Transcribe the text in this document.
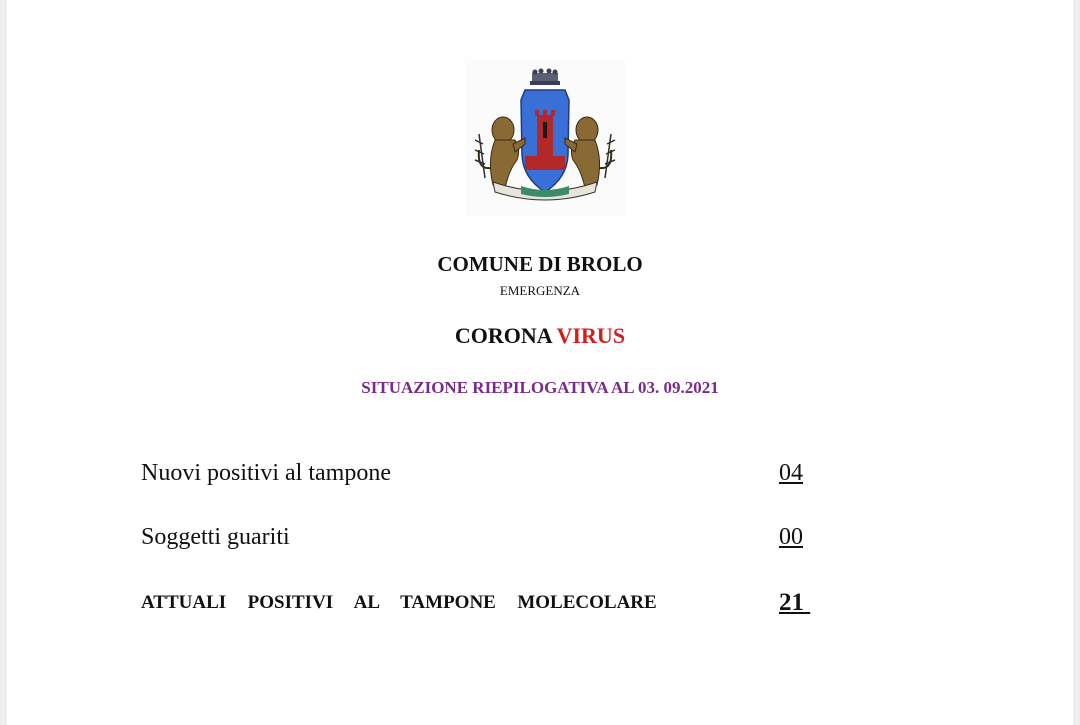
COMUNE DI BROLO
EMERGENZA
CORONA VIRUS
SITUAZIONE RIEPILOGATIVA AL 03. 09.2021
Nuovi positivi al tampone	04
Soggetti guariti	00
ATTUALI  POSITIVI  AL  TAMPONE  MOLECOLARE	21
